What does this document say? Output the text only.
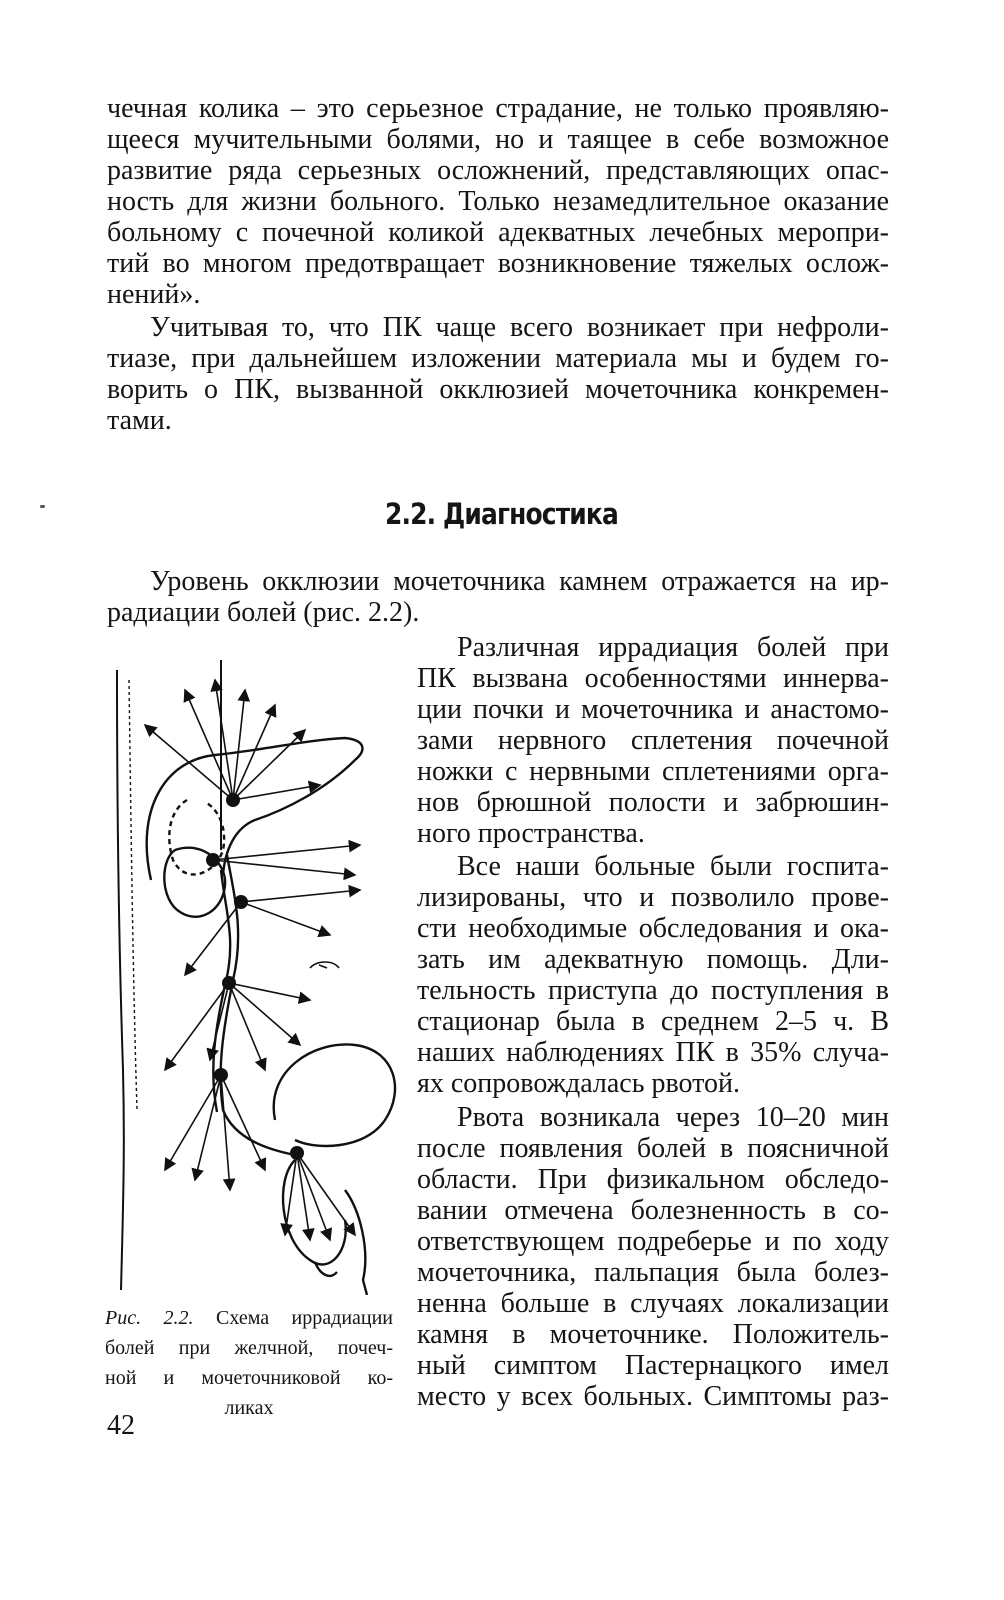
чечная колика – это серьезное страдание, не только проявляю-
щееся мучительными болями, но и таящее в себе возможное
развитие ряда серьезных осложнений, представляющих опас-
ность для жизни больного. Только незамедлительное оказание
больному с почечной коликой адекватных лечебных меропри-
тий во многом предотвращает возникновение тяжелых ослож-
нений».
Учитывая то, что ПК чаще всего возникает при нефроли-
тиазе, при дальнейшем изложении материала мы и будем го-
ворить о ПК, вызванной окклюзией мочеточника конкремен-
тами.
2.2. Диагностика
Уровень окклюзии мочеточника камнем отражается на ир-
радиации болей (рис. 2.2).
Различная иррадиация болей при
ПК вызвана особенностями иннерва-
ции почки и мочеточника и анастомо-
зами нервного сплетения почечной
ножки с нервными сплетениями орга-
нов брюшной полости и забрюшин-
ного пространства.
Все наши больные были госпита-
лизированы, что и позволило прове-
сти необходимые обследования и ока-
зать им адекватную помощь. Дли-
тельность приступа до поступления в
стационар была в среднем 2–5 ч. В
наших наблюдениях ПК в 35% случа-
ях сопровождалась рвотой.
Рвота возникала через 10–20 мин
после появления болей в поясничной
области. При физикальном обследо-
вании отмечена болезненность в со-
ответствующем подреберье и по ходу
мочеточника, пальпация была болез-
ненна больше в случаях локализации
камня в мочеточнике. Положитель-
ный симптом Пастернацкого имел
место у всех больных. Симптомы раз-
Рис. 2.2. Схема иррадиации
болей при желчной, почеч-
ной и мочеточниковой ко-
ликах
42
